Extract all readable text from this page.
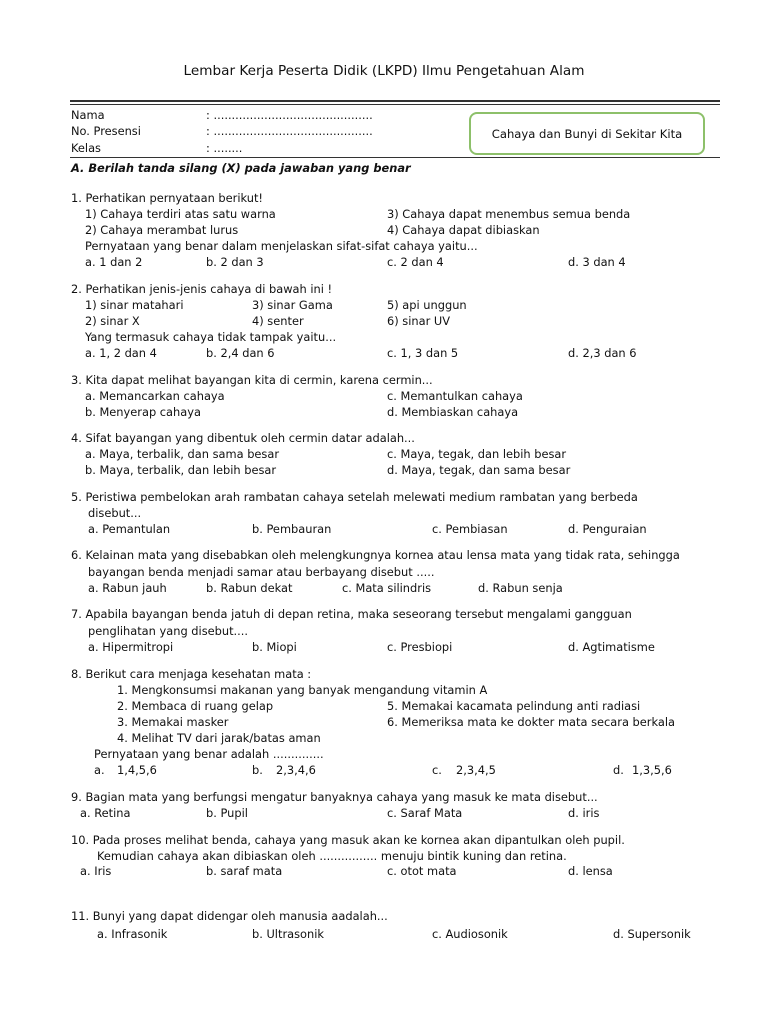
Lembar Kerja Peserta Didik (LKPD) Ilmu Pengetahuan Alam
Nama	: ............................................
No. Presensi	: ............................................
Kelas	: ........
Cahaya dan Bunyi di Sekitar Kita
A. Berilah tanda silang (X) pada jawaban yang benar
1. Perhatikan pernyataan berikut!
1) Cahaya terdiri atas satu warna	3) Cahaya dapat menembus semua benda
2) Cahaya merambat lurus	4) Cahaya dapat dibiaskan
Pernyataan yang benar dalam menjelaskan sifat-sifat cahaya yaitu...
a. 1 dan 2	b. 2 dan 3	c. 2 dan 4	d. 3 dan 4
2. Perhatikan jenis-jenis cahaya di bawah ini !
1) sinar matahari	3) sinar Gama	5) api unggun
2) sinar X	4) senter	6) sinar UV
Yang termasuk cahaya tidak tampak yaitu...
a. 1, 2 dan 4	b. 2,4 dan 6	c. 1, 3 dan 5	d. 2,3 dan 6
3. Kita dapat melihat bayangan kita di cermin, karena cermin...
a. Memancarkan cahaya	c. Memantulkan cahaya
b. Menyerap cahaya	d. Membiaskan cahaya
4. Sifat bayangan yang dibentuk oleh cermin datar adalah...
a. Maya, terbalik, dan sama besar	c. Maya, tegak, dan lebih besar
b. Maya, terbalik, dan lebih besar	d. Maya, tegak, dan sama besar
5. Peristiwa pembelokan arah rambatan cahaya setelah melewati medium rambatan yang berbeda
disebut...
a. Pemantulan	b. Pembauran	c. Pembiasan	d. Penguraian
6. Kelainan mata yang disebabkan oleh melengkungnya kornea atau lensa mata yang tidak rata, sehingga
bayangan benda menjadi samar atau berbayang disebut .....
a. Rabun jauh	b. Rabun dekat	c. Mata silindris	d. Rabun senja
7. Apabila bayangan benda jatuh di depan retina, maka seseorang tersebut mengalami gangguan
penglihatan yang disebut....
a. Hipermitropi	b. Miopi	c. Presbiopi	d. Agtimatisme
8. Berikut cara menjaga kesehatan mata :
1. Mengkonsumsi makanan yang banyak mengandung vitamin A
2. Membaca di ruang gelap	5. Memakai kacamata pelindung anti radiasi
3. Memakai masker	6. Memeriksa mata ke dokter mata secara berkala
4. Melihat TV dari jarak/batas aman
Pernyataan yang benar adalah ..............
a. 1,4,5,6	b. 2,3,4,6	c. 2,3,4,5	d. 1,3,5,6
9. Bagian mata yang berfungsi mengatur banyaknya cahaya yang masuk ke mata disebut...
a. Retina	b. Pupil	c. Saraf Mata	d. iris
10. Pada proses melihat benda, cahaya yang masuk akan ke kornea akan dipantulkan oleh pupil.
Kemudian cahaya akan dibiaskan oleh ................ menuju bintik kuning dan retina.
a. Iris	b. saraf mata	c. otot mata	d. lensa
11. Bunyi yang dapat didengar oleh manusia aadalah...
a. Infrasonik	b. Ultrasonik	c. Audiosonik	d. Supersonik
